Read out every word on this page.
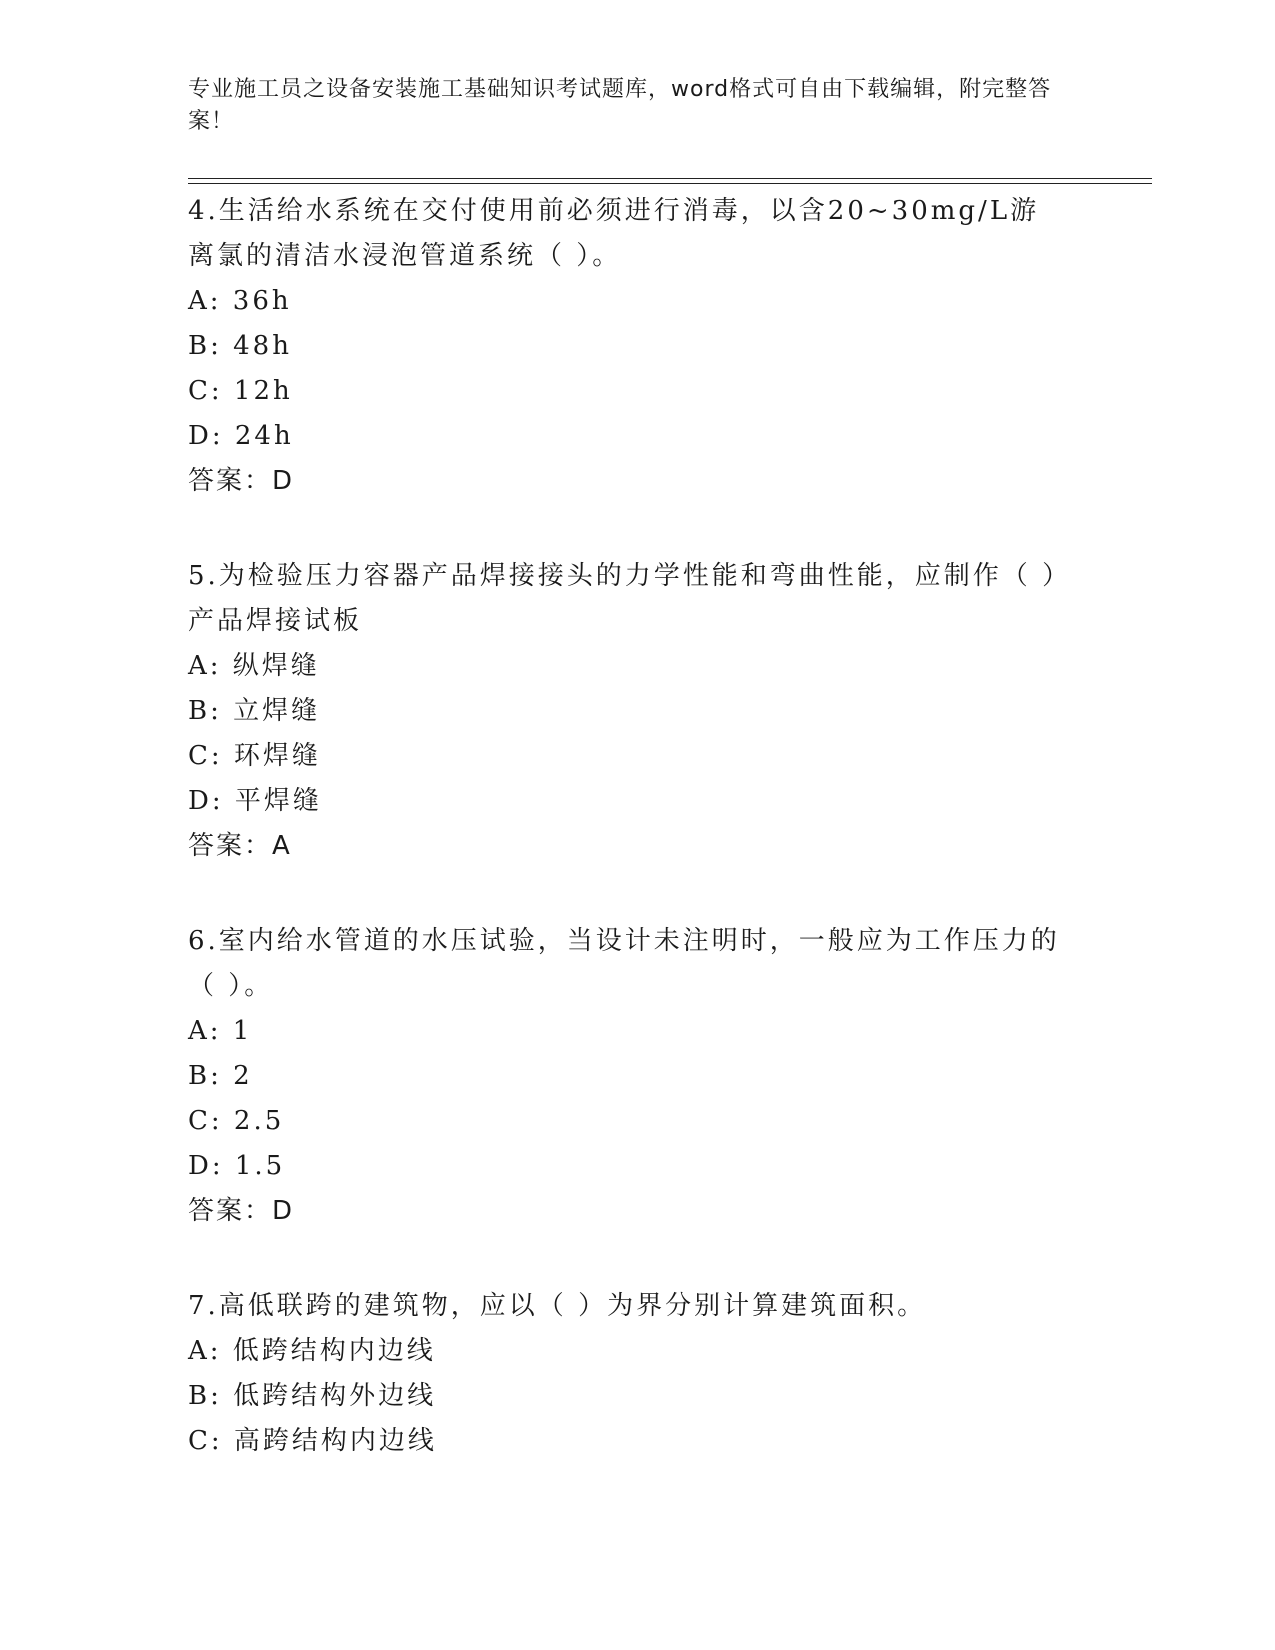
专业施工员之设备安装施工基础知识考试题库，word格式可自由下载编辑，附完整答案！

4.生活给水系统在交付使用前必须进行消毒，以含20~30mg/L游离氯的清洁水浸泡管道系统（ ）。

A: 36h

B: 48h

C: 12h

D: 24h

答案：D

5.为检验压力容器产品焊接接头的力学性能和弯曲性能，应制作（ ）产品焊接试板

A: 纵焊缝

B: 立焊缝

C: 环焊缝

D: 平焊缝

答案：A

6.室内给水管道的水压试验，当设计未注明时，一般应为工作压力的（ ）。

A: 1

B: 2

C: 2.5

D: 1.5

答案：D

7.高低联跨的建筑物，应以（ ）为界分别计算建筑面积。

A: 低跨结构内边线

B: 低跨结构外边线

C: 高跨结构内边线
